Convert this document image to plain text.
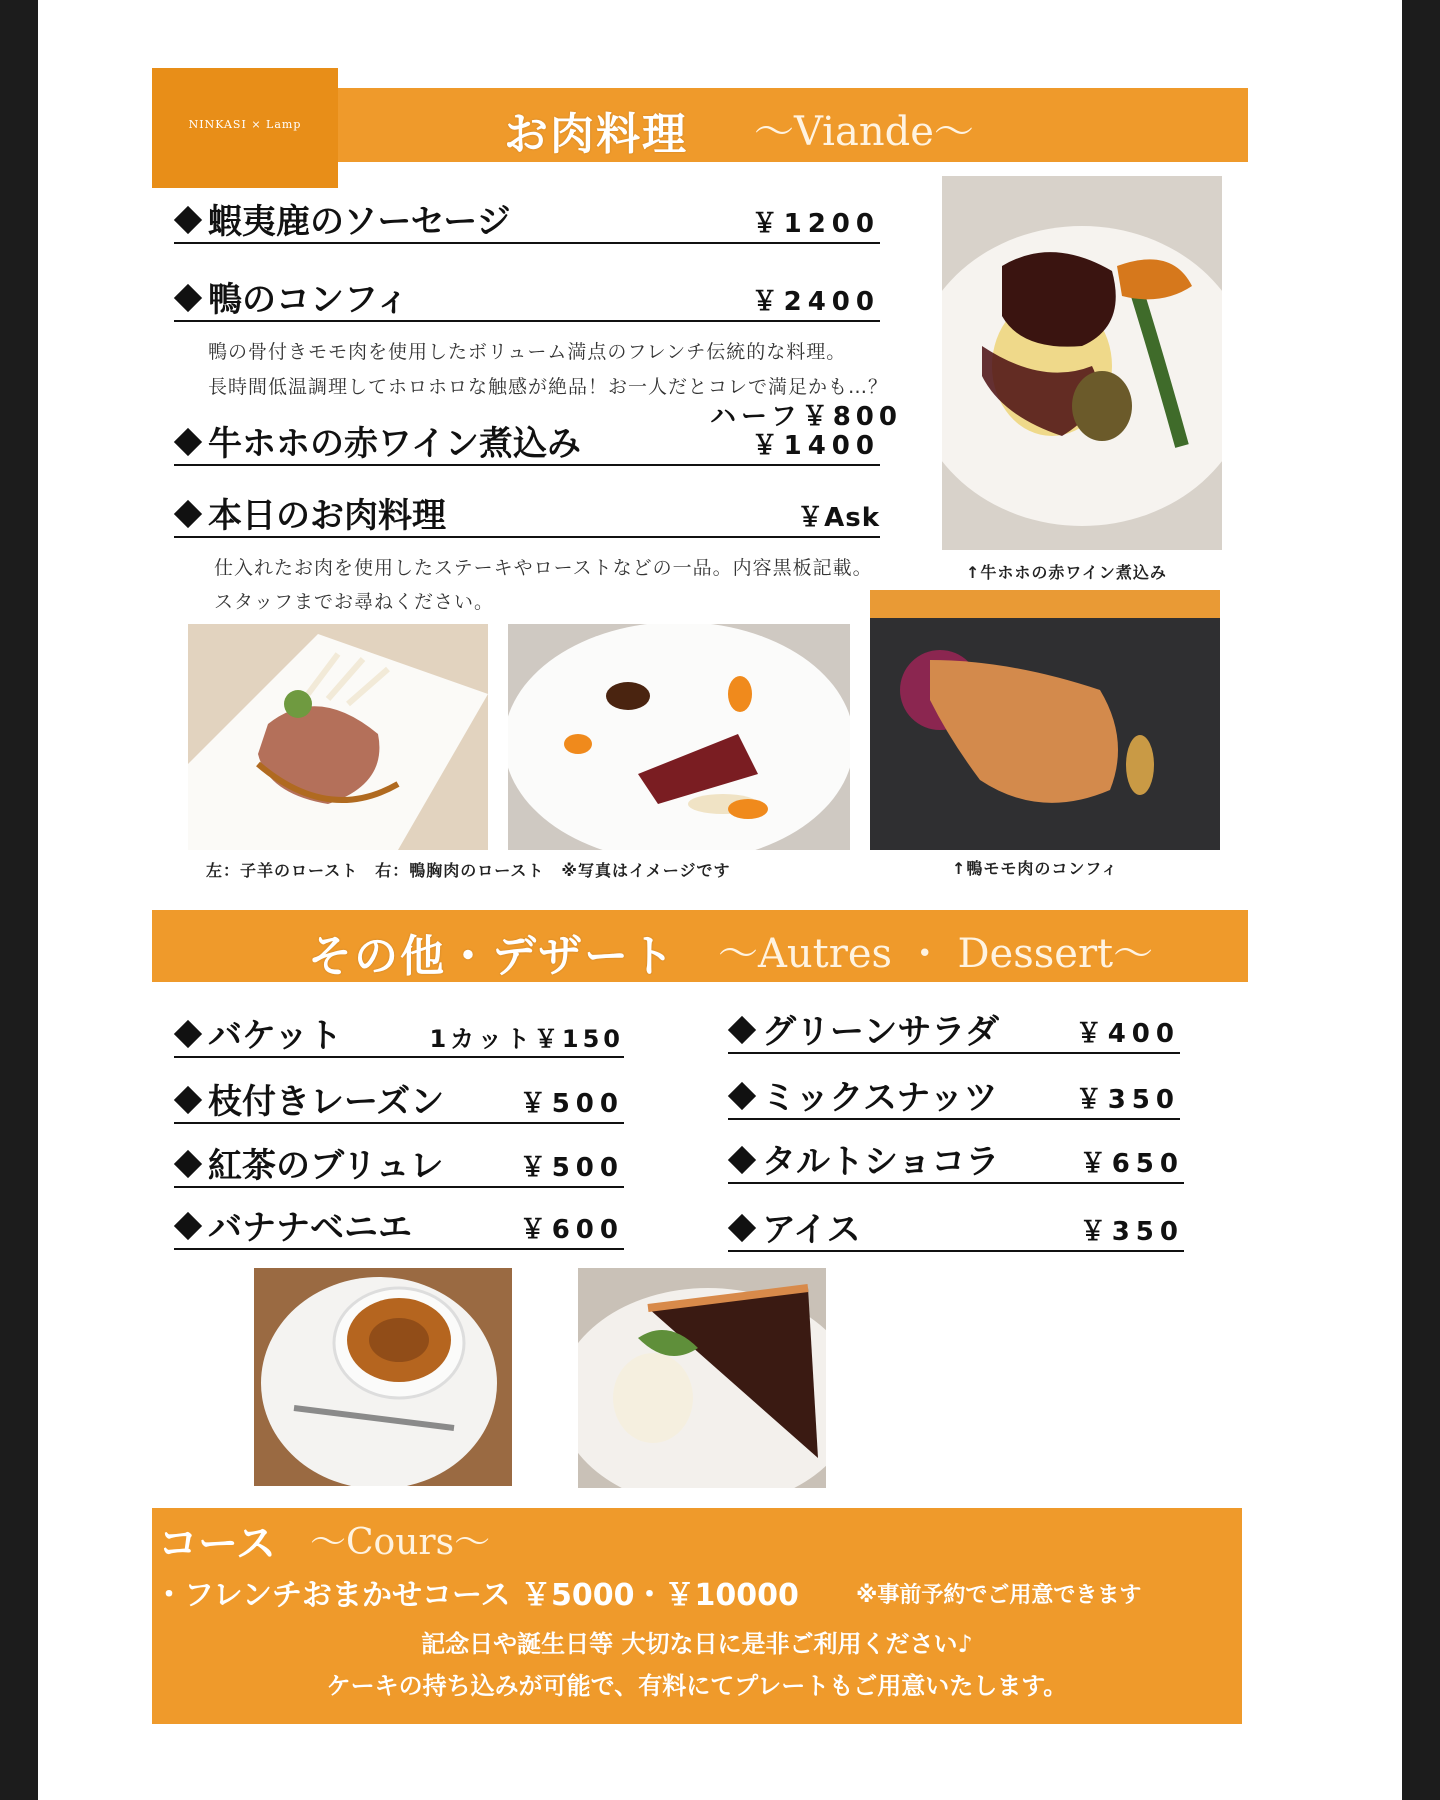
NINKASI × Lamp	お肉料理 〜Viande〜
蝦夷鹿のソーセージ	￥1200
鴨のコンフィ	￥2400
鴨の骨付きモモ肉を使用したボリューム満点のフレンチ伝統的な料理。
長時間低温調理してホロホロな触感が絶品！お一人だとコレで満足かも…？
ハーフ￥800
牛ホホの赤ワイン煮込み	￥1400
本日のお肉料理	￥Ask
仕入れたお肉を使用したステーキやローストなどの一品。内容黒板記載。
スタッフまでお尋ねください。
↑牛ホホの赤ワイン煮込み
左：子羊のロースト　右：鴨胸肉のロースト　※写真はイメージです	↑鴨モモ肉のコンフィ
その他・デザート 〜Autres ・ Dessert〜
バケット	1カット￥150
枝付きレーズン	￥500
紅茶のブリュレ	￥500
バナナベニエ	￥600
グリーンサラダ	￥400
ミックスナッツ	￥350
タルトショコラ	￥650
アイス	￥350
コース 〜Cours〜
・フレンチおまかせコース ￥5000・￥10000	※事前予約でご用意できます
記念日や誕生日等 大切な日に是非ご利用ください♪
ケーキの持ち込みが可能で、有料にてプレートもご用意いたします。
